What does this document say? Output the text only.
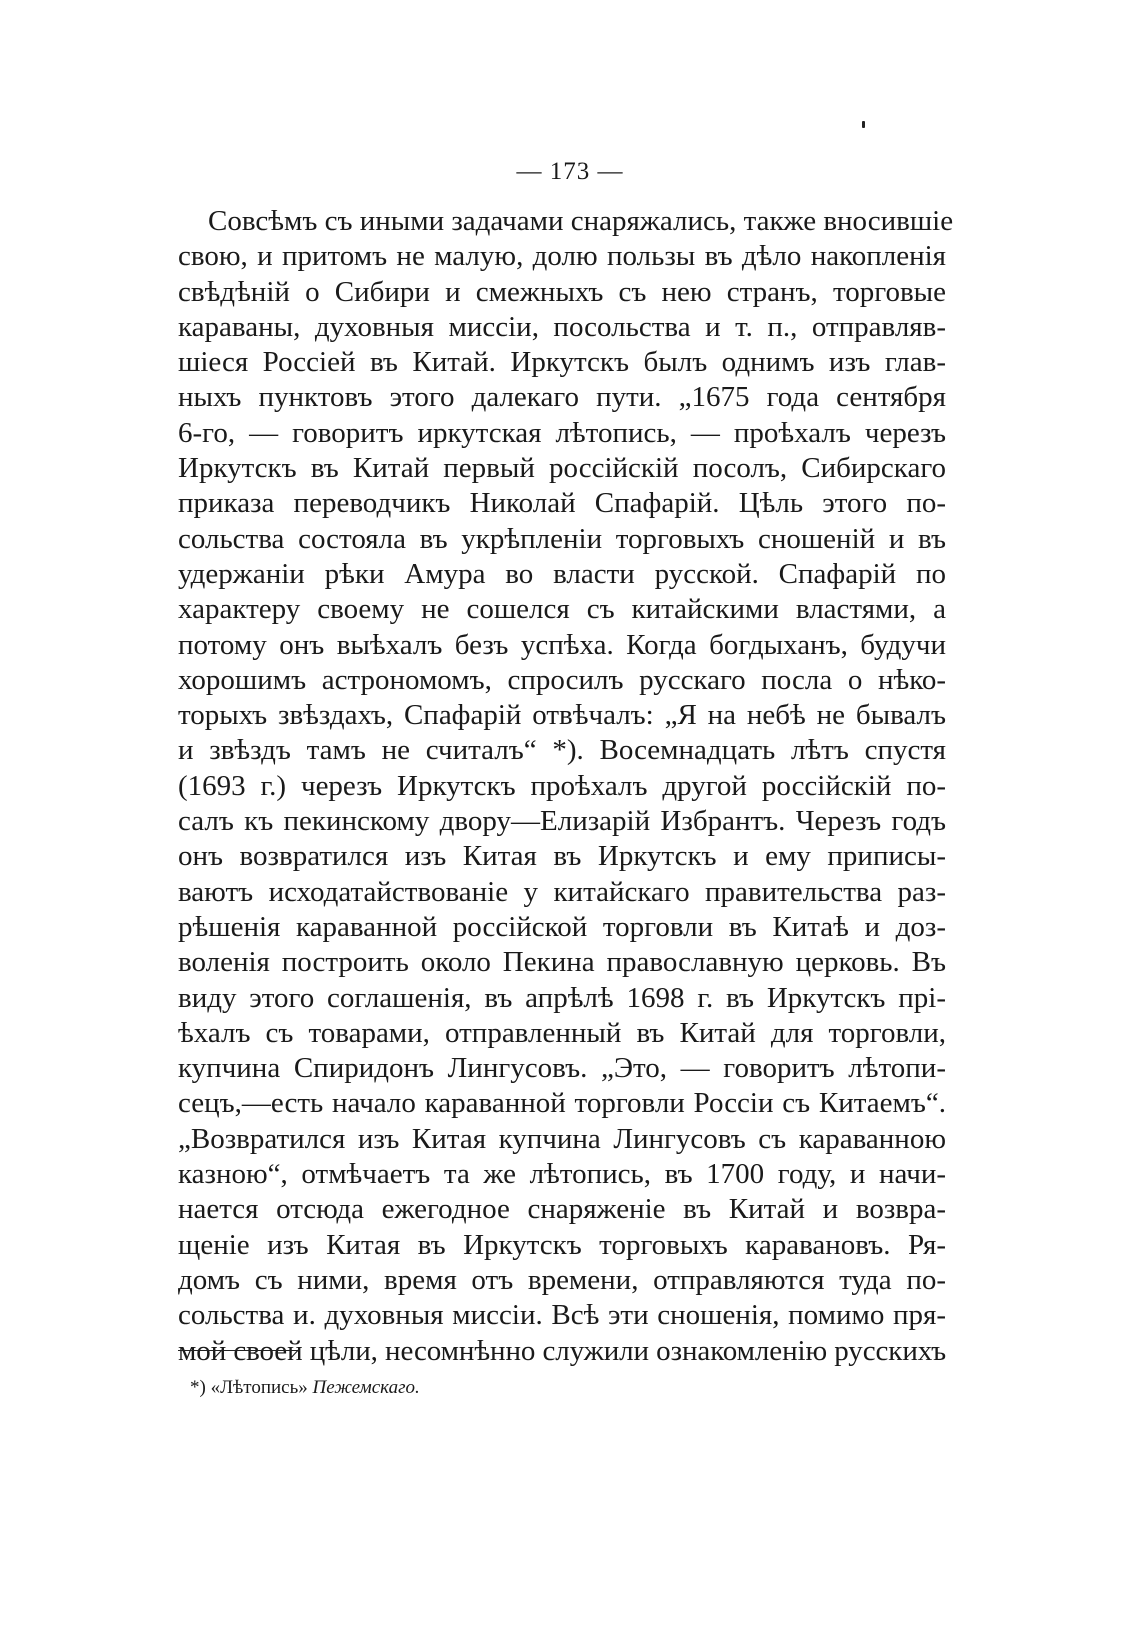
— 173 —
Совсѣмъ съ иными задачами снаряжались, также вносившіе
свою, и притомъ не малую, долю пользы въ дѣло накопленія
свѣдѣній о Сибири и смежныхъ съ нею странъ, торговые
караваны, духовныя миссіи, посольства и т. п., отправляв-
шіеся Россіей въ Китай. Иркутскъ былъ однимъ изъ глав-
ныхъ пунктовъ этого далекаго пути. „1675 года сентября
6-го, — говоритъ иркутская лѣтопись, — проѣхалъ черезъ
Иркутскъ въ Китай первый россійскій посолъ, Сибирскаго
приказа переводчикъ Николай Спафарій. Цѣль этого по-
сольства состояла въ укрѣпленіи торговыхъ сношеній и въ
удержаніи рѣки Амура во власти русской. Спафарій по
характеру своему не сошелся съ китайскими властями, а
потому онъ выѣхалъ безъ успѣха. Когда богдыханъ, будучи
хорошимъ астрономомъ, спросилъ русскаго посла о нѣко-
торыхъ звѣздахъ, Спафарій отвѣчалъ: „Я на небѣ не бывалъ
и звѣздъ тамъ не считалъ“ *). Восемнадцать лѣтъ спустя
(1693 г.) черезъ Иркутскъ проѣхалъ другой россійскій по-
салъ къ пекинскому двору—Елизарій Избрантъ. Черезъ годъ
онъ возвратился изъ Китая въ Иркутскъ и ему приписы-
ваютъ исходатайствованіе у китайскаго правительства раз-
рѣшенія караванной россійской торговли въ Китаѣ и доз-
воленія построить около Пекина православную церковь. Въ
виду этого соглашенія, въ апрѣлѣ 1698 г. въ Иркутскъ прі-
ѣхалъ съ товарами, отправленный въ Китай для торговли,
купчина Спиридонъ Лингусовъ. „Это, — говоритъ лѣтопи-
сецъ,—есть начало караванной торговли Россіи съ Китаемъ“.
„Возвратился изъ Китая купчина Лингусовъ съ караванною
казною“, отмѣчаетъ та же лѣтопись, въ 1700 году, и начи-
нается отсюда ежегодное снаряженіе въ Китай и возвра-
щеніе изъ Китая въ Иркутскъ торговыхъ каравановъ. Ря-
домъ съ ними, время отъ времени, отправляются туда по-
сольства и. духовныя миссіи. Всѣ эти сношенія, помимо пря-
мой своей цѣли, несомнѣнно служили ознакомленію русскихъ
*) «Лѣтопись» Пежемскаго.
